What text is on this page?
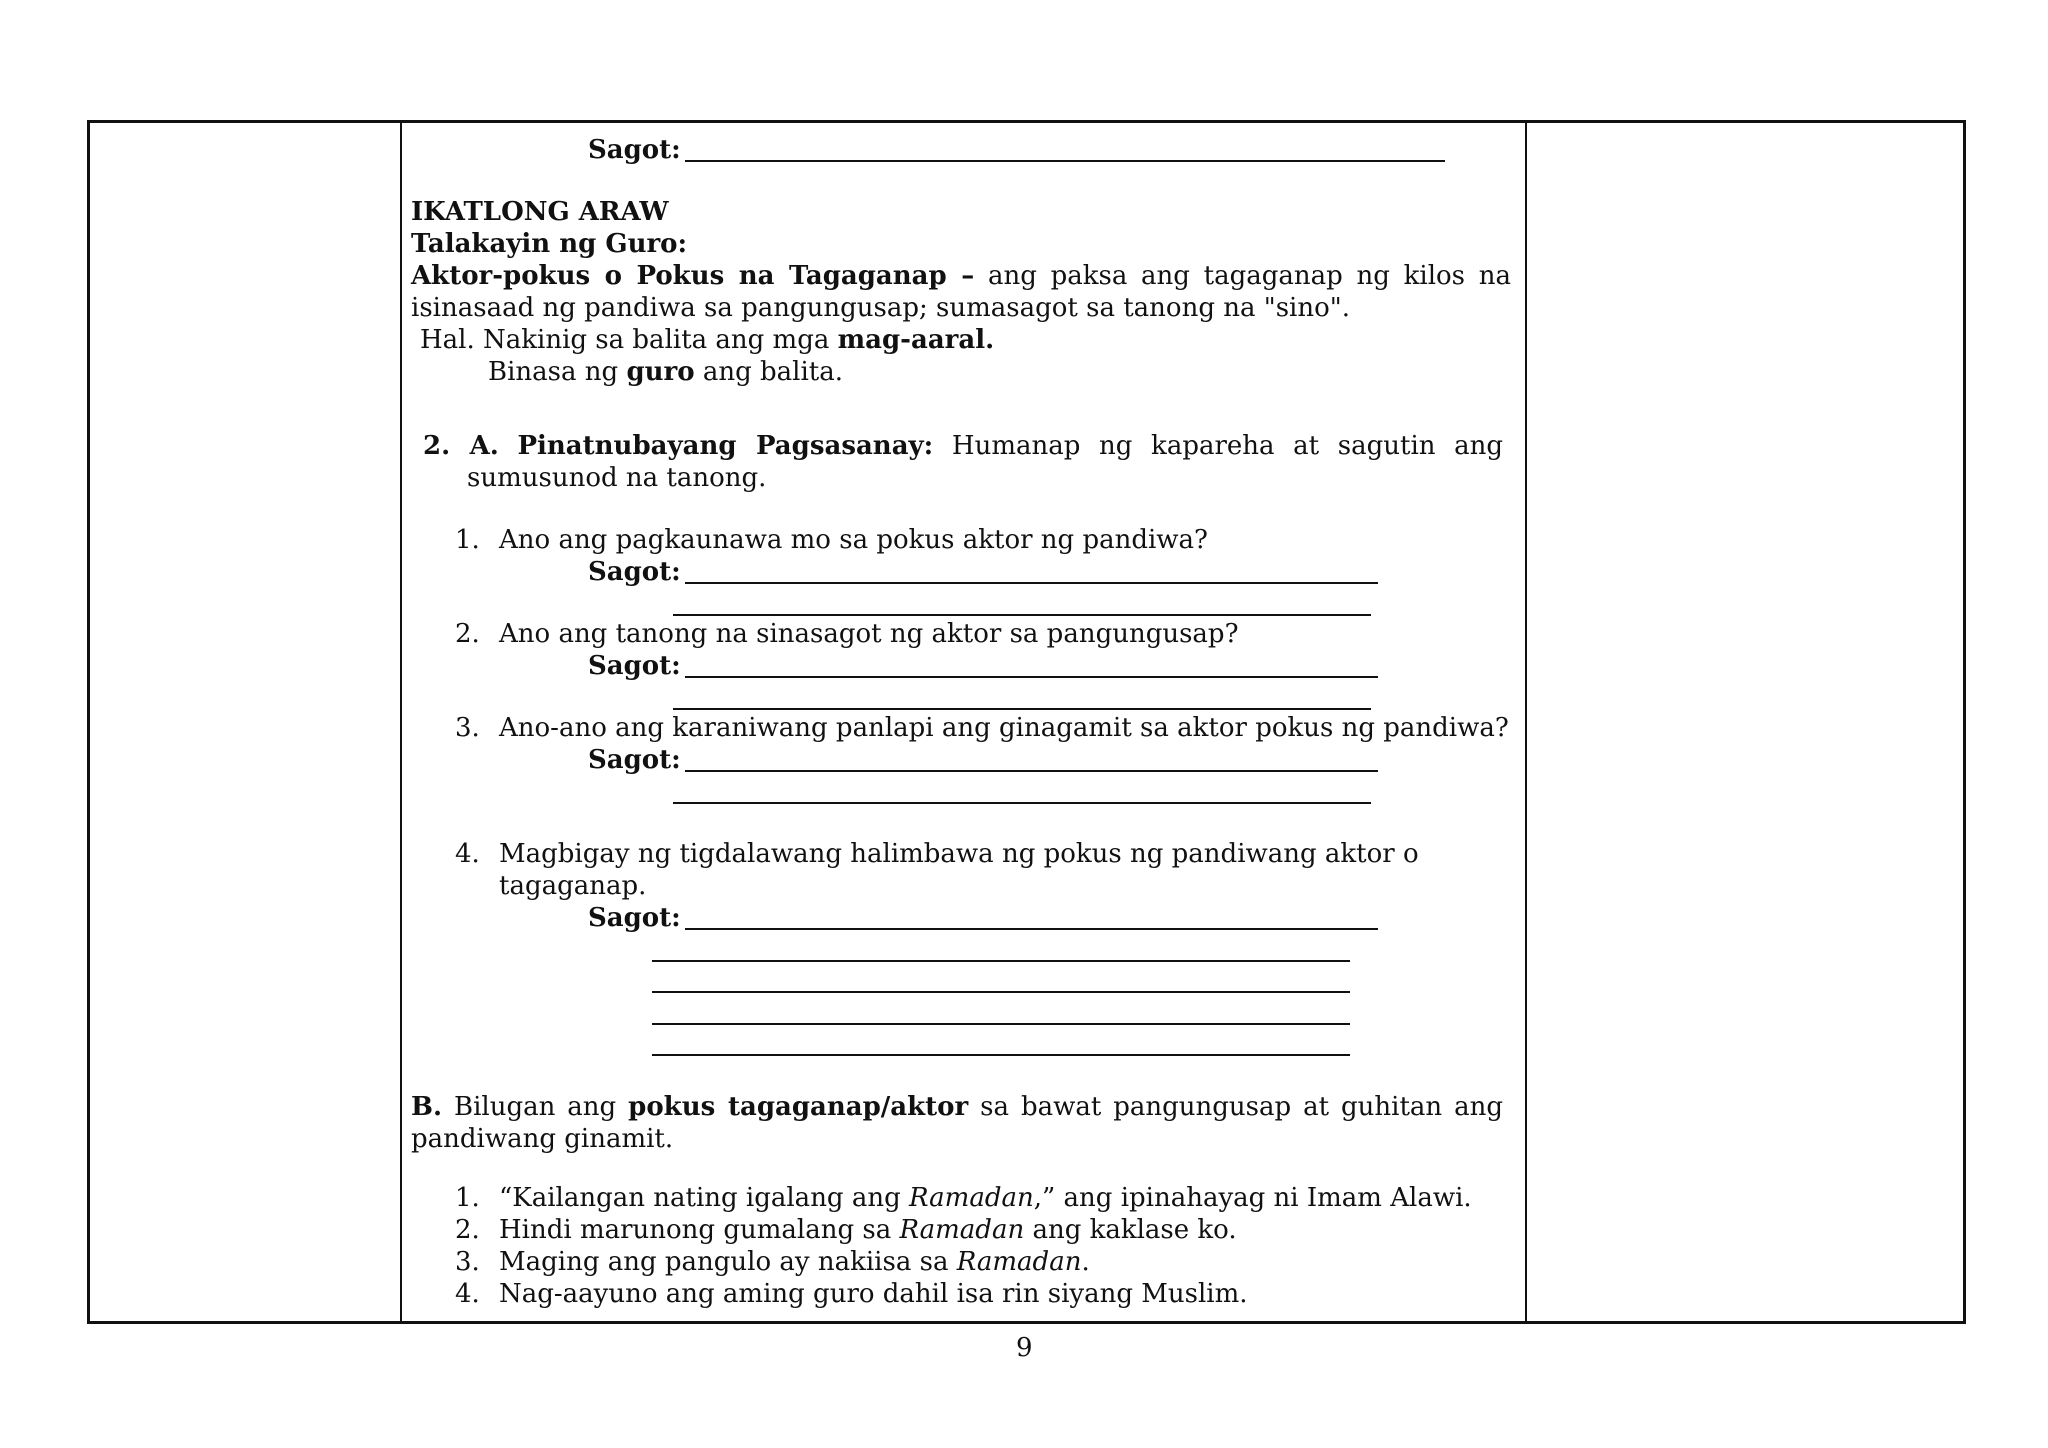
Sagot:
IKATLONG ARAW
Talakayin ng Guro:
Aktor-pokus o Pokus na Tagaganap – ang paksa ang tagaganap ng kilos na
isinasaad ng pandiwa sa pangungusap; sumasagot sa tanong na "sino".
Hal. Nakinig sa balita ang mga mag-aaral.
Binasa ng guro ang balita.
2. A. Pinatnubayang Pagsasanay: Humanap ng kapareha at sagutin ang
sumusunod na tanong.
1. Ano ang pagkaunawa mo sa pokus aktor ng pandiwa?
Sagot:
2. Ano ang tanong na sinasagot ng aktor sa pangungusap?
Sagot:
3. Ano-ano ang karaniwang panlapi ang ginagamit sa aktor pokus ng pandiwa?
Sagot:
4. Magbigay ng tigdalawang halimbawa ng pokus ng pandiwang aktor o
tagaganap.
Sagot:
B. Bilugan ang pokus tagaganap/aktor sa bawat pangungusap at guhitan ang
pandiwang ginamit.
1. “Kailangan nating igalang ang Ramadan,” ang ipinahayag ni Imam Alawi.
2. Hindi marunong gumalang sa Ramadan ang kaklase ko.
3. Maging ang pangulo ay nakiisa sa Ramadan.
4. Nag-aayuno ang aming guro dahil isa rin siyang Muslim.
9
